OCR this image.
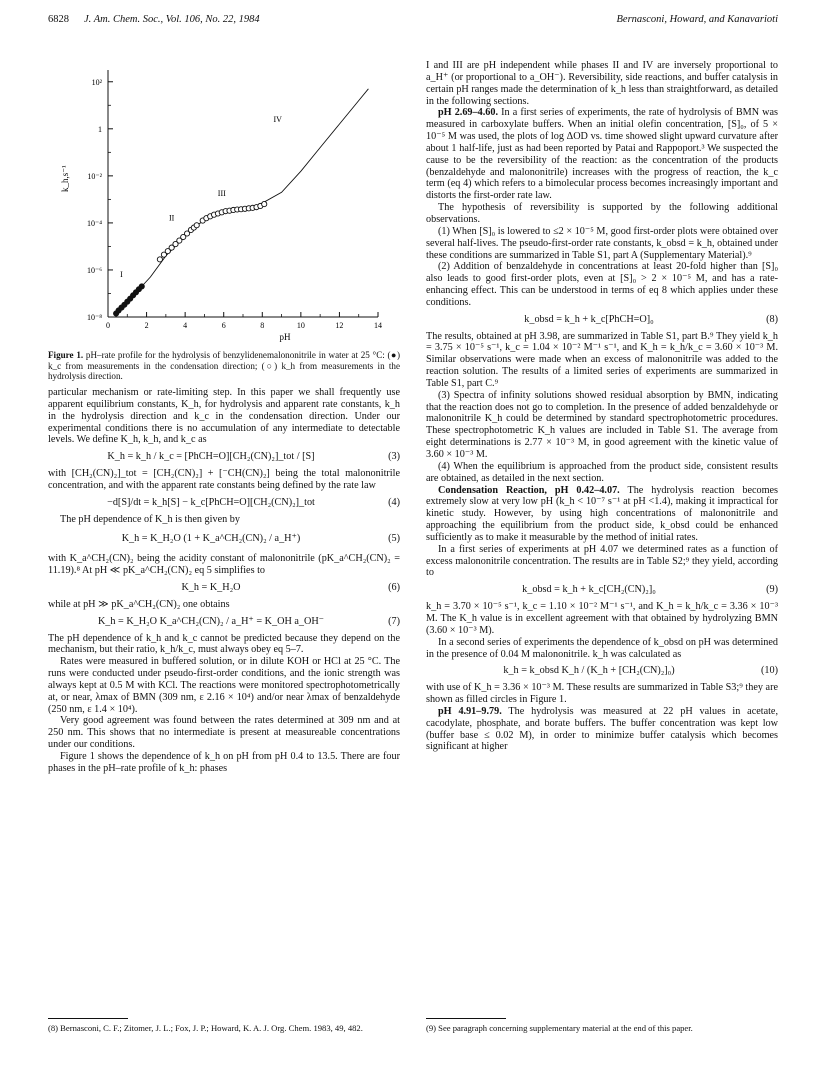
6828 J. Am. Chem. Soc., Vol. 106, No. 22, 1984	Bernasconi, Howard, and Kanavarioti
0	2	4	6	8	10	12	14
10²
1
10⁻²
10⁻⁴
10⁻⁶
10⁻⁸
I
II
III
IV
k_h,s⁻¹
pH
Figure 1. pH–rate profile for the hydrolysis of benzylidenemalononitrile in water at 25 °C: (●) k_c from measurements in the condensation direction; (○) k_h from measurements in the hydrolysis direction.

particular mechanism or rate-limiting step. In this paper we shall frequently use apparent equilibrium constants, K_h, for hydrolysis and apparent rate constants, k_h in the hydrolysis direction and k_c in the condensation direction. Under our experimental conditions there is no accumulation of any intermediate to detectable levels. We define K_h, k_h, and k_c as

K_h = k_h / k_c = [PhCH=O][CH₂(CN)₂]_tot / [S]	(3)

with [CH₂(CN)₂]_tot = [CH₂(CN)₂] + [⁻CH(CN)₂] being the total malononitrile concentration, and with the apparent rate constants being defined by the rate law

−d[S]/dt = k_h[S] − k_c[PhCH=O][CH₂(CN)₂]_tot	(4)

The pH dependence of K_h is then given by

K_h = K_H₂O (1 + K_a^CH₂(CN)₂ / a_H⁺)	(5)

with K_a^CH₂(CN)₂ being the acidity constant of malononitrile (pK_a^CH₂(CN)₂ = 11.19).⁸ At pH ≪ pK_a^CH₂(CN)₂ eq 5 simplifies to

K_h = K_H₂O	(6)

while at pH ≫ pK_a^CH₂(CN)₂ one obtains

K_h = K_H₂O K_a^CH₂(CN)₂ / a_H⁺ = K_OH a_OH⁻	(7)

The pH dependence of k_h and k_c cannot be predicted because they depend on the mechanism, but their ratio, k_h/k_c, must always obey eq 5–7.

Rates were measured in buffered solution, or in dilute KOH or HCl at 25 °C. The runs were conducted under pseudo-first-order conditions, and the ionic strength was always kept at 0.5 M with KCl. The reactions were monitored spectrophotometrically at, or near, λmax of BMN (309 nm, ε 2.16 × 10⁴) and/or near λmax of benzaldehyde (250 nm, ε 1.4 × 10⁴).

Very good agreement was found between the rates determined at 309 nm and at 250 nm. This shows that no intermediate is present at measureable concentrations under our conditions.

Figure 1 shows the dependence of k_h on pH from pH 0.4 to 13.5. There are four phases in the pH–rate profile of k_h: phases

I and III are pH independent while phases II and IV are inversely proportional to a_H⁺ (or proportional to a_OH⁻). Reversibility, side reactions, and buffer catalysis in certain pH ranges made the determination of k_h less than straightforward, as detailed in the following sections.

pH 2.69–4.60. In a first series of experiments, the rate of hydrolysis of BMN was measured in carboxylate buffers. When an initial olefin concentration, [S]₀, of 5 × 10⁻⁵ M was used, the plots of log ΔOD vs. time showed slight upward curvature after about 1 half-life, just as had been reported by Patai and Rappoport.³ We suspected the cause to be the reversibility of the reaction: as the concentration of the products (benzaldehyde and malononitrile) increases with the progress of reaction, the k_c term (eq 4) which refers to a bimolecular process becomes increasingly important and distorts the first-order rate law.

The hypothesis of reversibility is supported by the following additional observations.

(1) When [S]₀ is lowered to ≤2 × 10⁻⁵ M, good first-order plots were obtained over several half-lives. The pseudo-first-order rate constants, k_obsd = k_h, obtained under these conditions are summarized in Table S1, part A (Supplementary Material).⁹

(2) Addition of benzaldehyde in concentrations at least 20-fold higher than [S]₀ also leads to good first-order plots, even at [S]₀ > 2 × 10⁻⁵ M, and has a rate-enhancing effect. This can be understood in terms of eq 8 which applies under these conditions.

k_obsd = k_h + k_c[PhCH=O]₀	(8)

The results, obtained at pH 3.98, are summarized in Table S1, part B.⁹ They yield k_h = 3.75 × 10⁻⁵ s⁻¹, k_c = 1.04 × 10⁻² M⁻¹ s⁻¹, and K_h = k_h/k_c = 3.60 × 10⁻³ M. Similar observations were made when an excess of malononitrile was added to the reaction solution. The results of a limited series of experiments are summarized in Table S1, part C.⁹

(3) Spectra of infinity solutions showed residual absorption by BMN, indicating that the reaction does not go to completion. In the presence of added benzaldehyde or malononitrile K_h could be determined by standard spectrophotometric procedures. These spectrophotometric K_h values are included in Table S1. The average from eight determinations is 2.77 × 10⁻³ M, in good agreement with the kinetic value of 3.60 × 10⁻³ M.

(4) When the equilibrium is approached from the product side, consistent results are obtained, as detailed in the next section.

Condensation Reaction, pH 0.42–4.07. The hydrolysis reaction becomes extremely slow at very low pH (k_h < 10⁻⁷ s⁻¹ at pH <1.4), making it impractical for kinetic study. However, by using high concentrations of malononitrile and approaching the equilibrium from the product side, k_obsd could be enhanced sufficiently as to make it measurable by the method of initial rates.

In a first series of experiments at pH 4.07 we determined rates as a function of excess malononitrile concentration. The results are in Table S2;⁹ they yield, according to

k_obsd = k_h + k_c[CH₂(CN)₂]₀	(9)

k_h = 3.70 × 10⁻⁵ s⁻¹, k_c = 1.10 × 10⁻² M⁻¹ s⁻¹, and K_h = k_h/k_c = 3.36 × 10⁻³ M. The K_h value is in excellent agreement with that obtained by hydrolyzing BMN (3.60 × 10⁻³ M).

In a second series of experiments the dependence of k_obsd on pH was determined in the presence of 0.04 M malononitrile. k_h was calculated as

k_h = k_obsd K_h / (K_h + [CH₂(CN)₂]₀)	(10)

with use of K_h = 3.36 × 10⁻³ M. These results are summarized in Table S3;⁹ they are shown as filled circles in Figure 1.

pH 4.91–9.79. The hydrolysis was measured at 22 pH values in acetate, cacodylate, phosphate, and borate buffers. The buffer concentration was kept low (buffer base ≤ 0.02 M), in order to minimize buffer catalysis which becomes significant at higher

(8) Bernasconi, C. F.; Zitomer, J. L.; Fox, J. P.; Howard, K. A. J. Org. Chem. 1983, 49, 482.	(9) See paragraph concerning supplementary material at the end of this paper.
